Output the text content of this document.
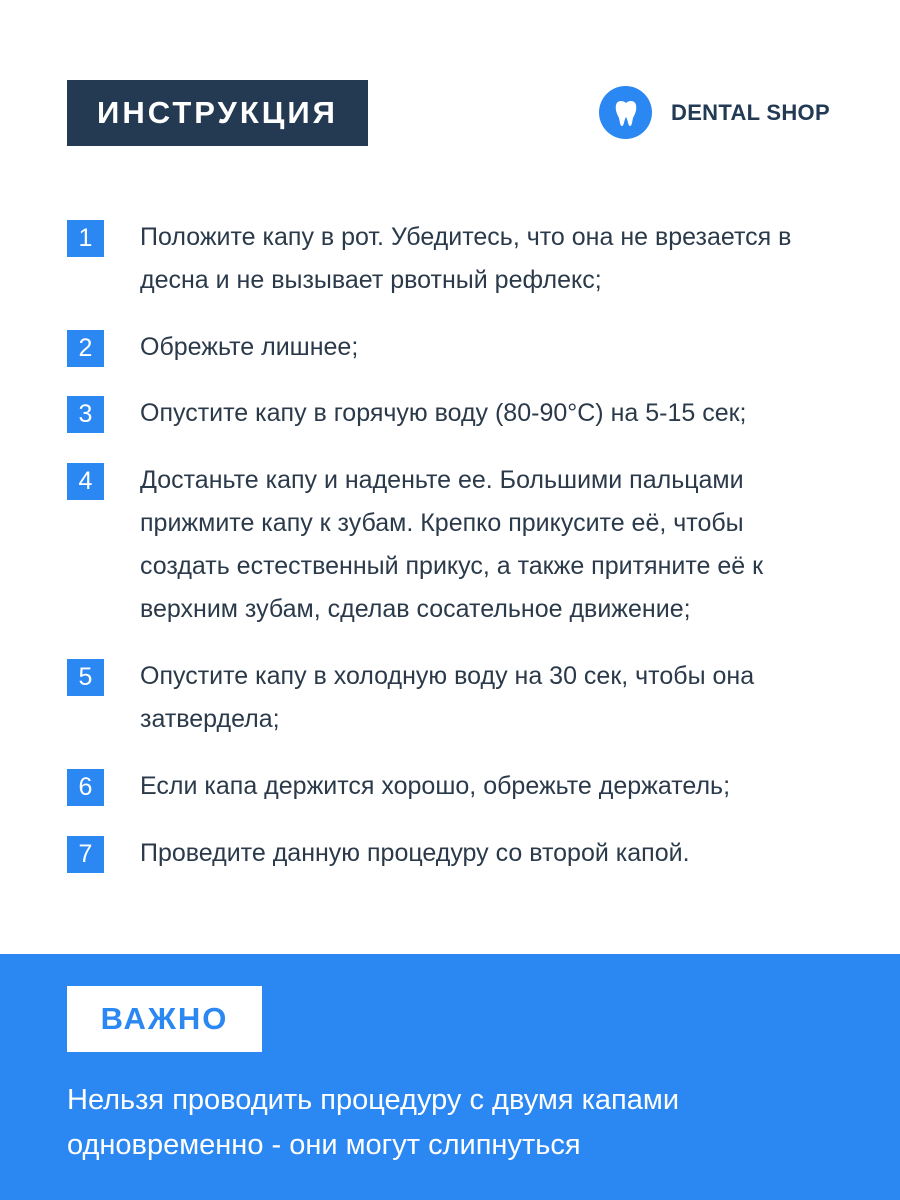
ИНСТРУКЦИЯ	DENTAL SHOP
1	Положите капу в рот. Убедитесь, что она не врезается в десна и не вызывает рвотный рефлекс;
2	Обрежьте лишнее;
3	Опустите капу в горячую воду (80-90°С) на 5-15 сек;
4	Достаньте капу и наденьте ее. Большими пальцами прижмите капу к зубам. Крепко прикусите её, чтобы создать естественный прикус, а также притяните её к верхним зубам, сделав сосательное движение;
5	Опустите капу в холодную воду на 30 сек, чтобы она затвердела;
6	Если капа держится хорошо, обрежьте держатель;
7	Проведите данную процедуру со второй капой.
ВАЖНО
Нельзя проводить процедуру с двумя капами одновременно - они могут слипнуться
